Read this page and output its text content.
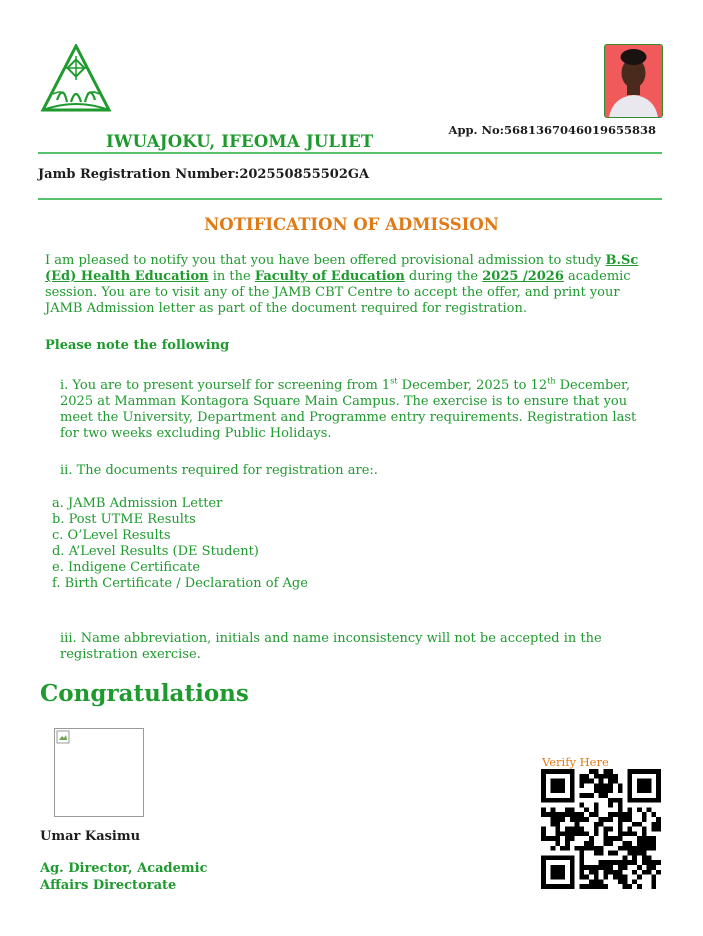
App. No:5681367046019655838
IWUAJOKU, IFEOMA JULIET
Jamb Registration Number:202550855502GA
NOTIFICATION OF ADMISSION
I am pleased to notify you that you have been offered provisional admission to study B.Sc (Ed) Health Education in the Faculty of Education during the 2025 /2026 academic session. You are to visit any of the JAMB CBT Centre to accept the offer, and print your JAMB Admission letter as part of the document required for registration.
Please note the following
i. You are to present yourself for screening from 1st December, 2025 to 12th December, 2025 at Mamman Kontagora Square Main Campus. The exercise is to ensure that you meet the University, Department and Programme entry requirements. Registration last for two weeks excluding Public Holidays.
ii. The documents required for registration are:.
a. JAMB Admission Letter
b. Post UTME Results
c. O’Level Results
d. A’Level Results (DE Student)
e. Indigene Certificate
f. Birth Certificate / Declaration of Age
iii. Name abbreviation, initials and name inconsistency will not be accepted in the registration exercise.
Congratulations
Umar Kasimu
Ag. Director, Academic Affairs Directorate
Verify Here
